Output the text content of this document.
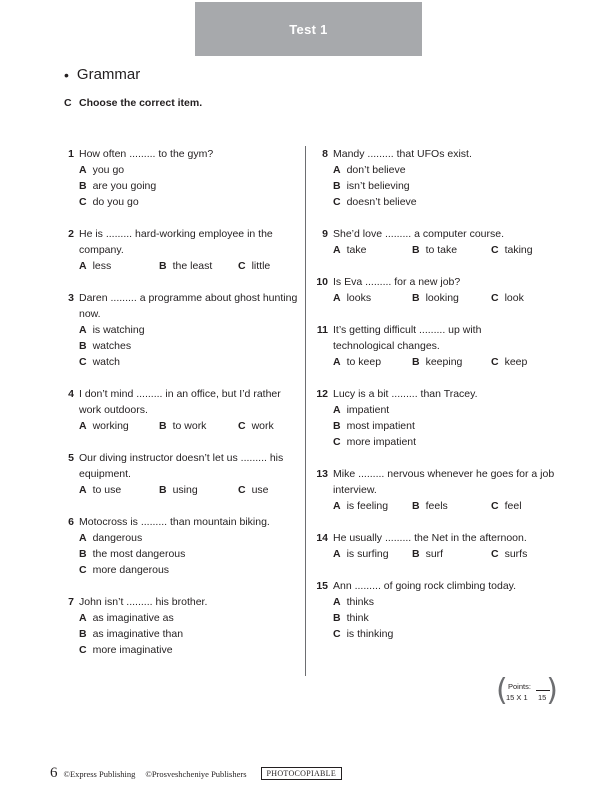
Test 1
• Grammar
C Choose the correct item.
1 How often ......... to the gym?
A you go
B are you going
C do you go
2 He is ......... hard-working employee in the
company.
A less	B the least C little
3 Daren ......... a programme about ghost hunting
now.
A is watching
B watches
C watch
4 I don’t mind ......... in an office, but I’d rather
work outdoors.
A working	B to work	C work
5 Our diving instructor doesn’t let us ......... his
equipment.
A to use	B using	C use
6 Motocross is ......... than mountain biking.
A dangerous
B the most dangerous
C more dangerous
7 John isn’t ......... his brother.
A as imaginative as
B as imaginative than
C more imaginative
8 Mandy ......... that UFOs exist.
A don’t believe
B isn’t believing
C doesn’t believe
9 She’d love ......... a computer course.
A take	B to take	C taking
10 Is Eva ......... for a new job?
A looks	B looking	C look
11 It’s getting difficult ......... up with
technological changes.
A to keep	B keeping	C keep
12 Lucy is a bit ......... than Tracey.
A impatient
B most impatient
C more impatient
13 Mike ......... nervous whenever he goes for a job
interview.
A is feeling B feels	C feel
14 He usually ......... the Net in the afternoon.
A is surfing B surf	C surfs
15 Ann ......... of going rock climbing today.
A thinks
B think
C is thinking
( Points:
15 X 1 15 )
6 ©Express Publishing ©Prosveshcheniye Publishers	PHOTOCOPIABLE
